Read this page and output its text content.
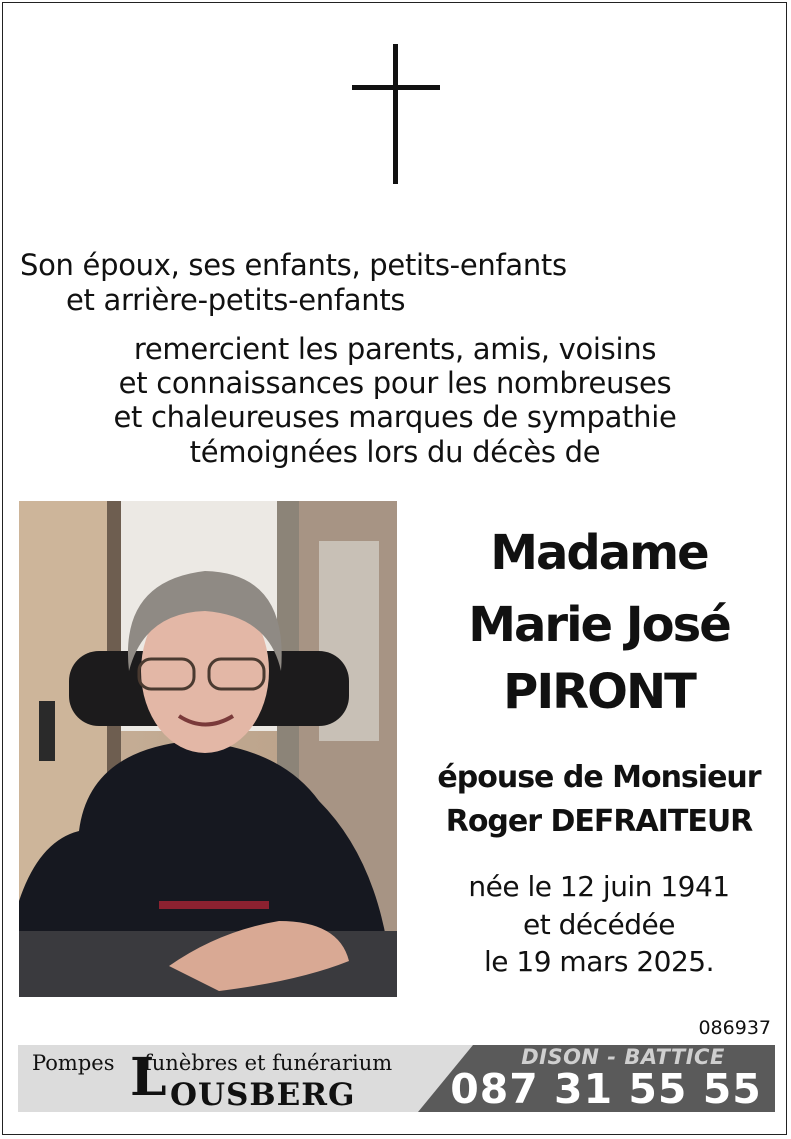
Son époux, ses enfants, petits-enfants
et arrière-petits-enfants
remercient les parents, amis, voisins
et connaissances pour les nombreuses
et chaleureuses marques de sympathie
témoignées lors du décès de
Madame
Marie José
PIRONT
épouse de Monsieur
Roger DEFRAITEUR
née le 12 juin 1941
et décédée
le 19 mars 2025.
086937
Pompes L
funèbres et funérarium
OUSBERG
DISON - BATTICE
087 31 55 55
